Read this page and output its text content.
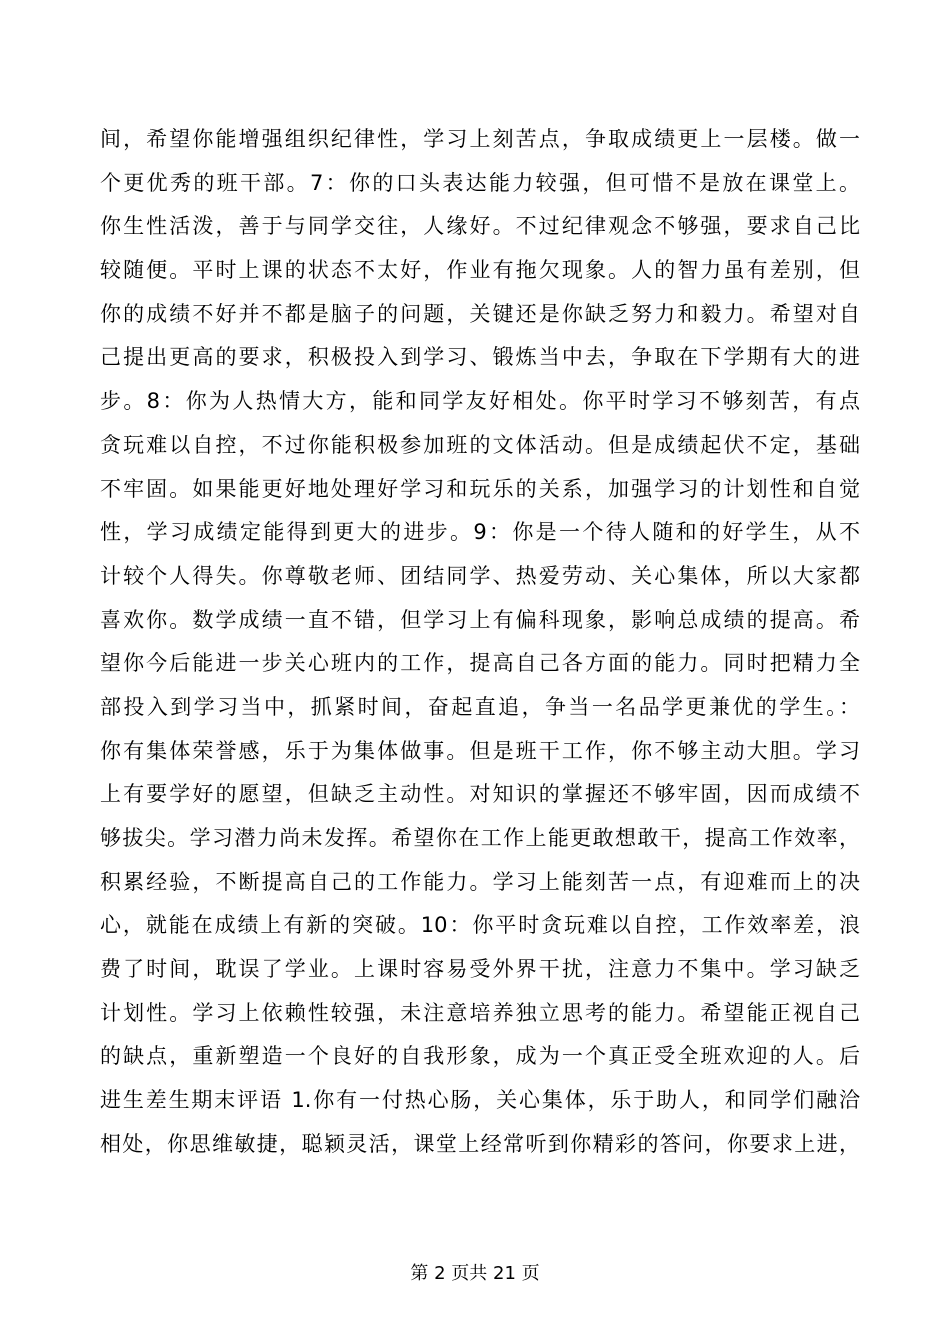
间，希望你能增强组织纪律性，学习上刻苦点，争取成绩更上一层楼。做一
个更优秀的班干部。7：你的口头表达能力较强，但可惜不是放在课堂上。
你生性活泼，善于与同学交往，人缘好。不过纪律观念不够强，要求自己比
较随便。平时上课的状态不太好，作业有拖欠现象。人的智力虽有差别，但
你的成绩不好并不都是脑子的问题，关键还是你缺乏努力和毅力。希望对自
己提出更高的要求，积极投入到学习、锻炼当中去，争取在下学期有大的进
步。8：你为人热情大方，能和同学友好相处。你平时学习不够刻苦，有点
贪玩难以自控，不过你能积极参加班的文体活动。但是成绩起伏不定，基础
不牢固。如果能更好地处理好学习和玩乐的关系，加强学习的计划性和自觉
性，学习成绩定能得到更大的进步。9：你是一个待人随和的好学生，从不
计较个人得失。你尊敬老师、团结同学、热爱劳动、关心集体，所以大家都
喜欢你。数学成绩一直不错，但学习上有偏科现象，影响总成绩的提高。希
望你今后能进一步关心班内的工作，提高自己各方面的能力。同时把精力全
部投入到学习当中，抓紧时间，奋起直追，争当一名品学更兼优的学生。：
你有集体荣誉感，乐于为集体做事。但是班干工作，你不够主动大胆。学习
上有要学好的愿望，但缺乏主动性。对知识的掌握还不够牢固，因而成绩不
够拔尖。学习潜力尚未发挥。希望你在工作上能更敢想敢干，提高工作效率，
积累经验，不断提高自己的工作能力。学习上能刻苦一点，有迎难而上的决
心，就能在成绩上有新的突破。10：你平时贪玩难以自控，工作效率差，浪
费了时间，耽误了学业。上课时容易受外界干扰，注意力不集中。学习缺乏
计划性。学习上依赖性较强，未注意培养独立思考的能力。希望能正视自己
的缺点，重新塑造一个良好的自我形象，成为一个真正受全班欢迎的人。后
进生差生期末评语 1.你有一付热心肠，关心集体，乐于助人，和同学们融洽
相处，你思维敏捷，聪颖灵活，课堂上经常听到你精彩的答问，你要求上进，
第 2 页共 21 页
